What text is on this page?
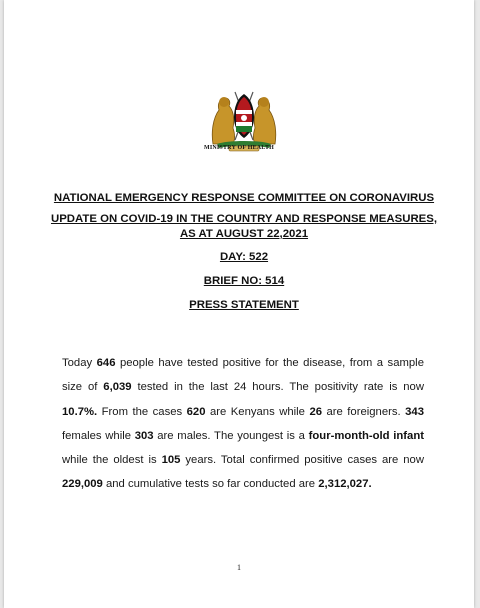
MINISTRY OF HEALTH
NATIONAL EMERGENCY RESPONSE COMMITTEE ON CORONAVIRUS
UPDATE ON COVID-19 IN THE COUNTRY AND RESPONSE MEASURES, AS AT AUGUST 22,2021
DAY: 522
BRIEF NO: 514
PRESS STATEMENT
Today 646 people have tested positive for the disease, from a sample size of 6,039 tested in the last 24 hours. The positivity rate is now 10.7%. From the cases 620 are Kenyans while 26 are foreigners. 343 females while 303 are males. The youngest is a four-month-old infant while the oldest is 105 years. Total confirmed positive cases are now 229,009 and cumulative tests so far conducted are 2,312,027.
1
